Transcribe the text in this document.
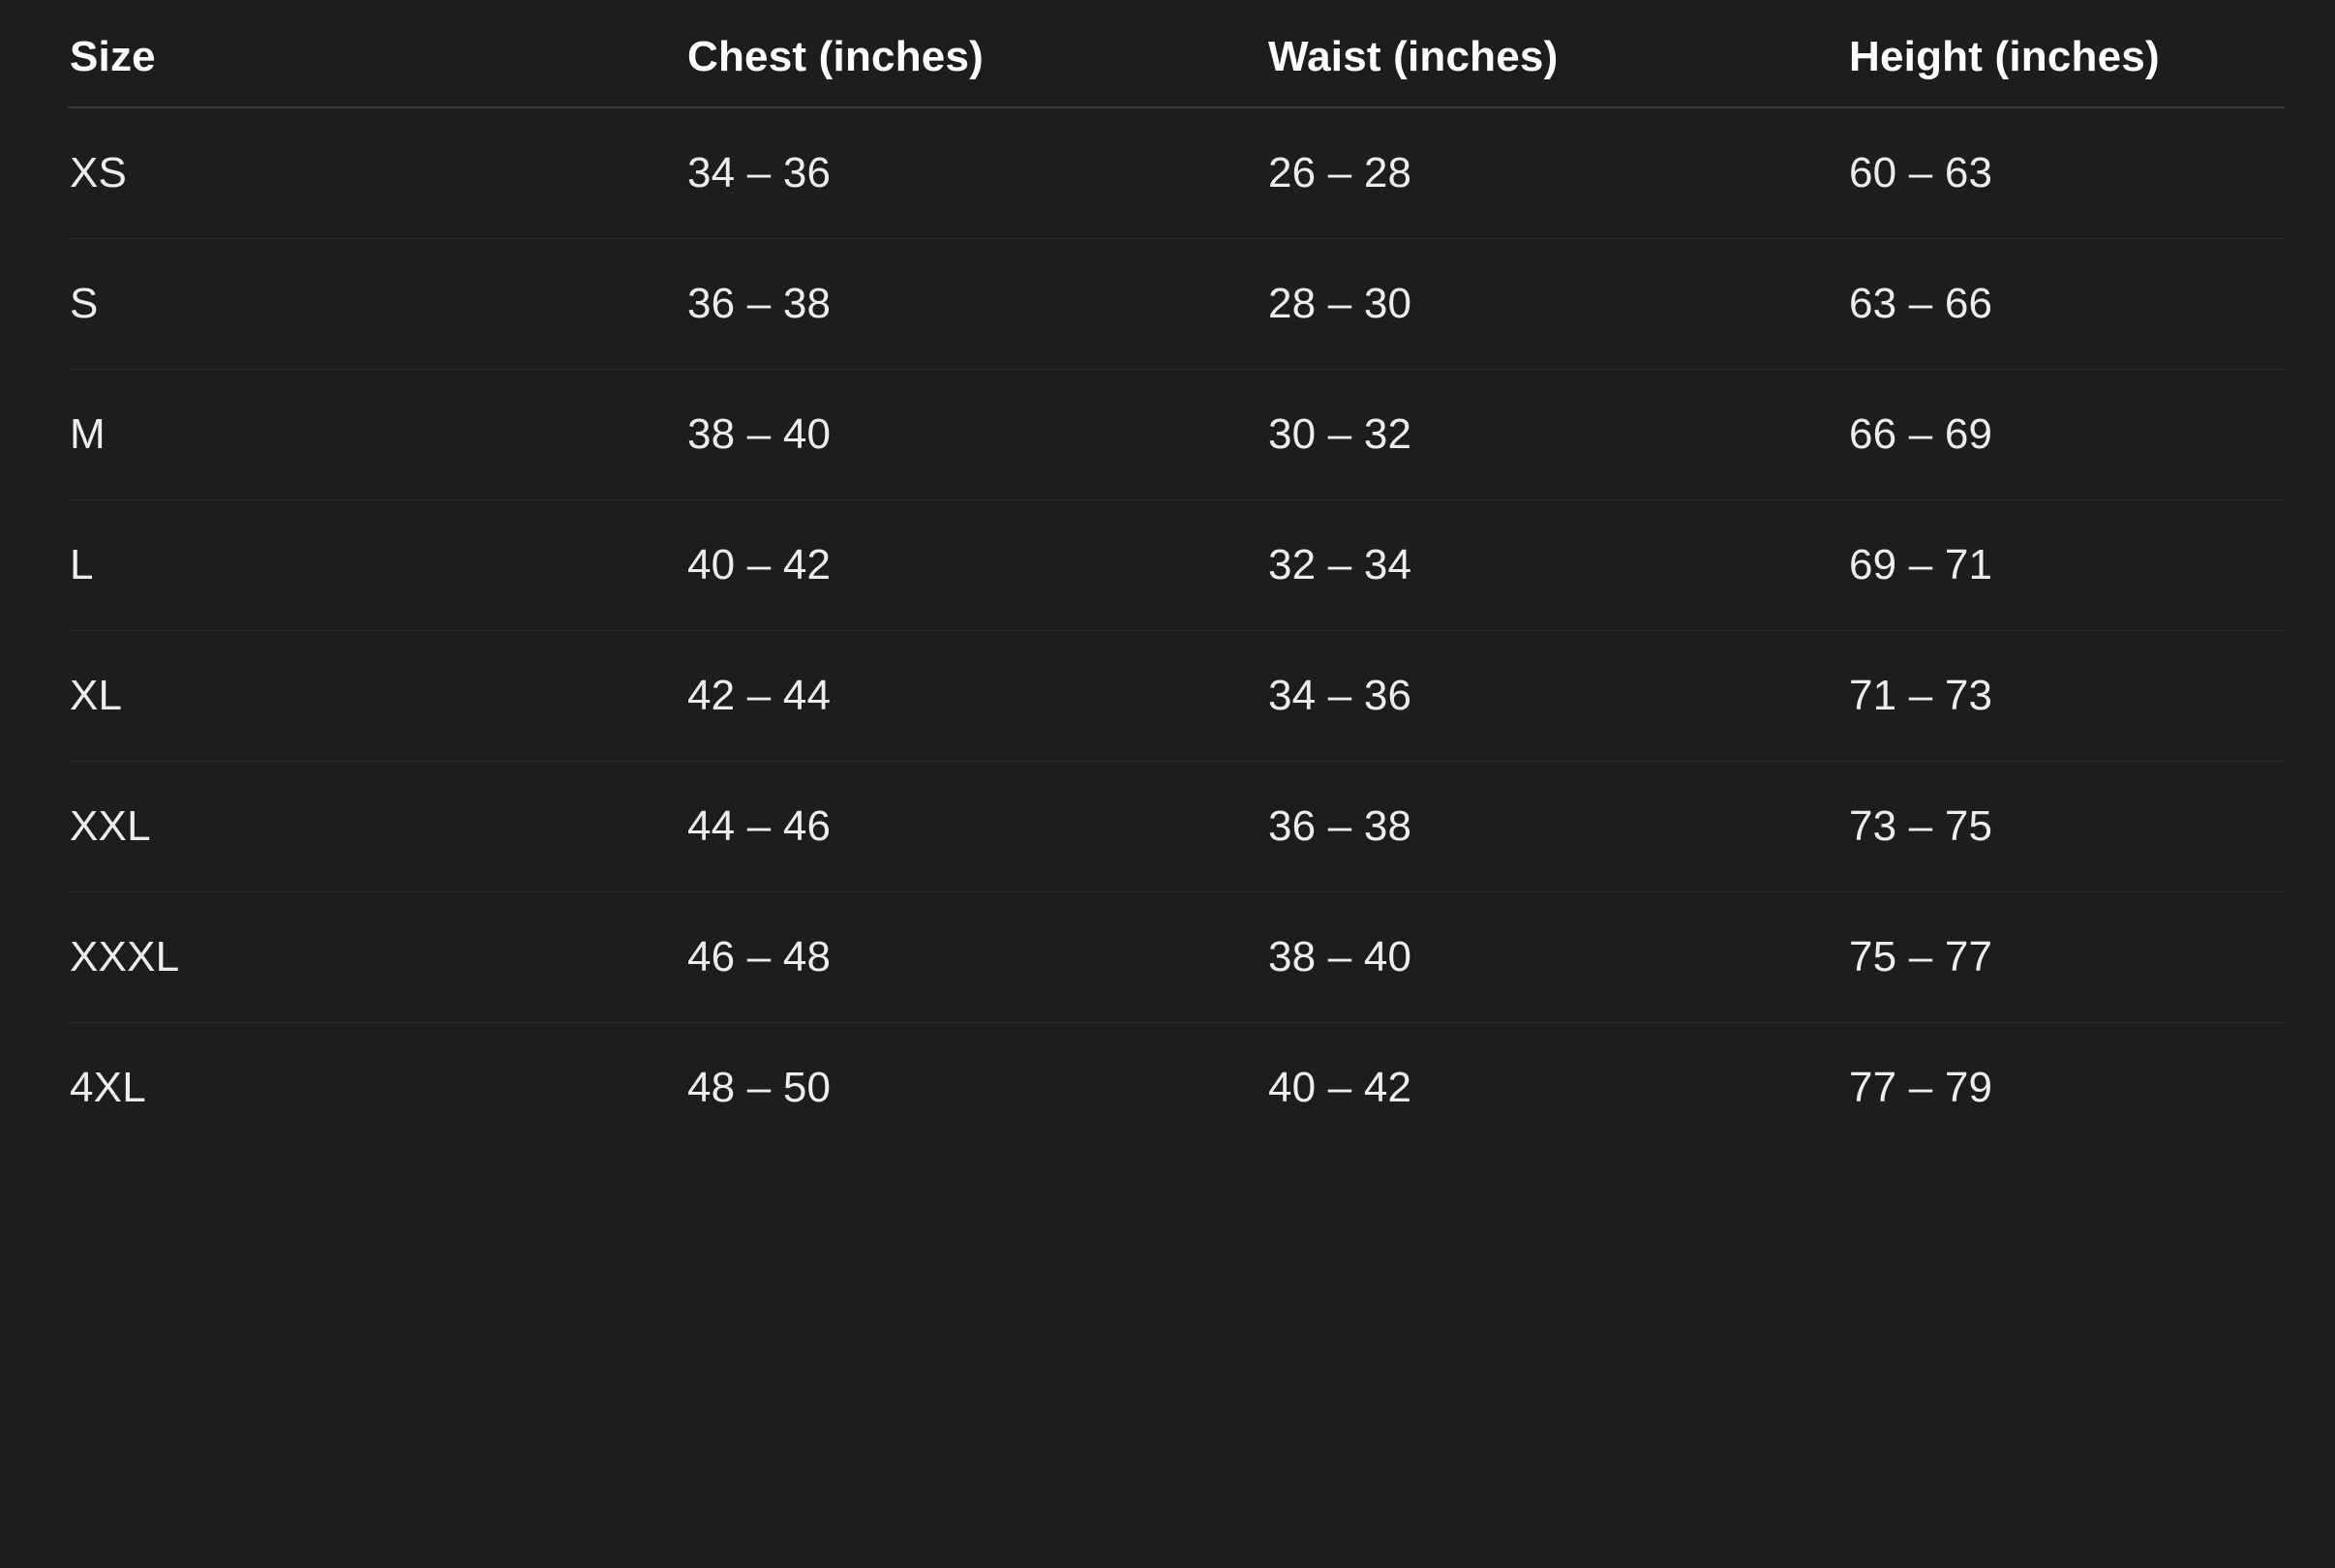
Size	Chest (inches)	Waist (inches)	Height (inches)
XS	34 – 36	26 – 28	60 – 63
S	36 – 38	28 – 30	63 – 66
M	38 – 40	30 – 32	66 – 69
L	40 – 42	32 – 34	69 – 71
XL	42 – 44	34 – 36	71 – 73
XXL	44 – 46	36 – 38	73 – 75
XXXL	46 – 48	38 – 40	75 – 77
4XL	48 – 50	40 – 42	77 – 79
